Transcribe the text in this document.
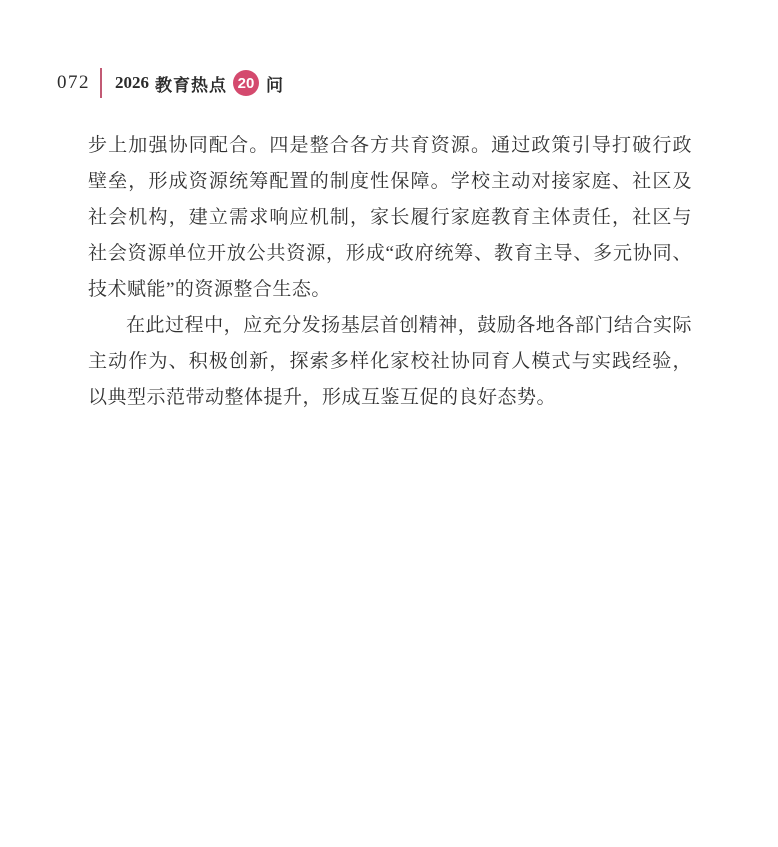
072 2026 教育热点 20 问

步上加强协同配合。四是整合各方共育资源。通过政策引导打破行政壁垒，形成资源统筹配置的制度性保障。学校主动对接家庭、社区及社会机构，建立需求响应机制，家长履行家庭教育主体责任，社区与社会资源单位开放公共资源，形成“政府统筹、教育主导、多元协同、技术赋能”的资源整合生态。

在此过程中，应充分发扬基层首创精神，鼓励各地各部门结合实际主动作为、积极创新，探索多样化家校社协同育人模式与实践经验，以典型示范带动整体提升，形成互鉴互促的良好态势。
